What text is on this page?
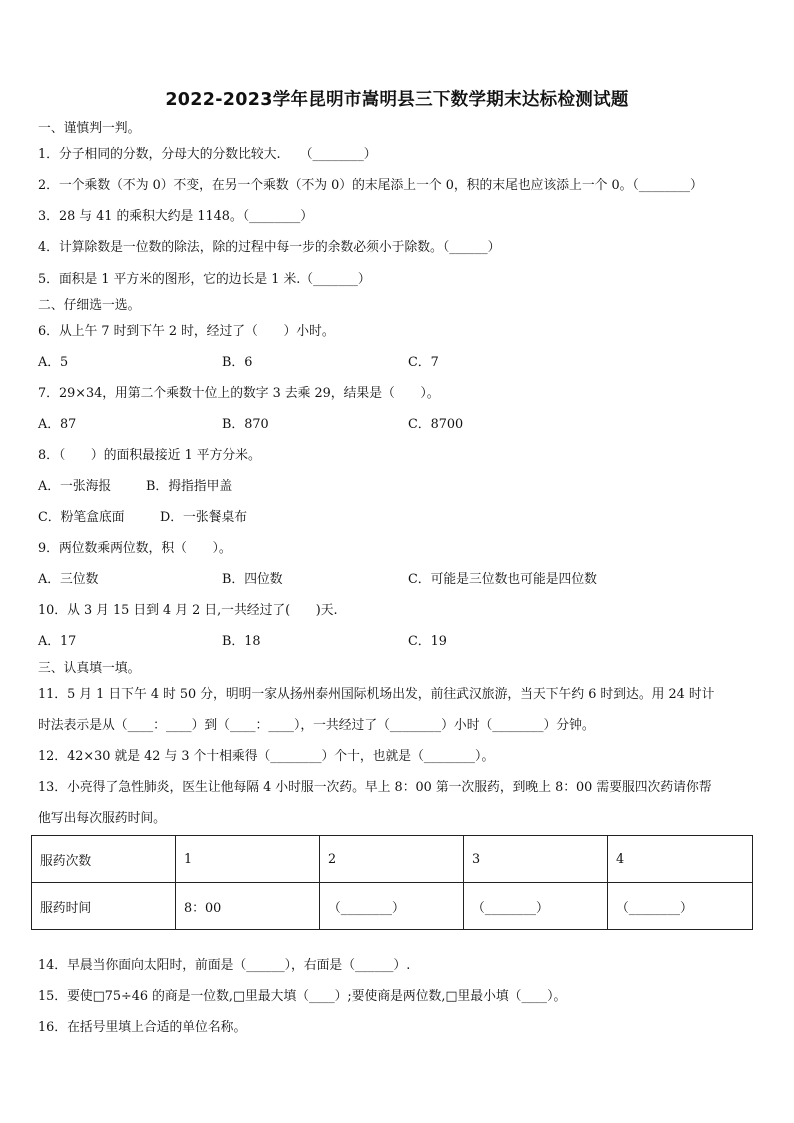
2022-2023学年昆明市嵩明县三下数学期末达标检测试题
一、谨慎判一判。
1．分子相同的分数，分母大的分数比较大.　　（________）
2．一个乘数（不为 0）不变，在另一个乘数（不为 0）的末尾添上一个 0，积的末尾也应该添上一个 0。（________）
3．28 与 41 的乘积大约是 1148。（________）
4．计算除数是一位数的除法，除的过程中每一步的余数必须小于除数。（______）
5．面积是 1 平方米的图形，它的边长是 1 米.（_______）
二、仔细选一选。
6．从上午 7 时到下午 2 时，经过了（　　）小时。
A．5	B．6	C．7
7．29×34，用第二个乘数十位上的数字 3 去乘 29，结果是（　　）。
A．87	B．870	C．8700
8．（　　）的面积最接近 1 平方分米。
A．一张海报	B．拇指指甲盖
C．粉笔盒底面	D．一张餐桌布
9．两位数乘两位数，积（　　）。
A．三位数	B．四位数	C．可能是三位数也可能是四位数
10．从 3 月 15 日到 4 月 2 日,一共经过了(　　)天.
A．17	B．18	C．19
三、认真填一填。
11．5 月 1 日下午 4 时 50 分，明明一家从扬州泰州国际机场出发，前往武汉旅游，当天下午约 6 时到达。用 24 时计
时法表示是从（____：____）到（____：____），一共经过了（________）小时（________）分钟。
12．42×30 就是 42 与 3 个十相乘得（________）个十，也就是（________）。
13．小亮得了急性肺炎，医生让他每隔 4 小时服一次药。早上 8：00 第一次服药，到晚上 8：00 需要服四次药请你帮
他写出每次服药时间。
服药次数	1	2	3	4
服药时间	8：00	（________）	（________）	（________）
14．早晨当你面向太阳时，前面是（______），右面是（______）.
15．要使□75÷46 的商是一位数,□里最大填（____）;要使商是两位数,□里最小填（____）。
16．在括号里填上合适的单位名称。
